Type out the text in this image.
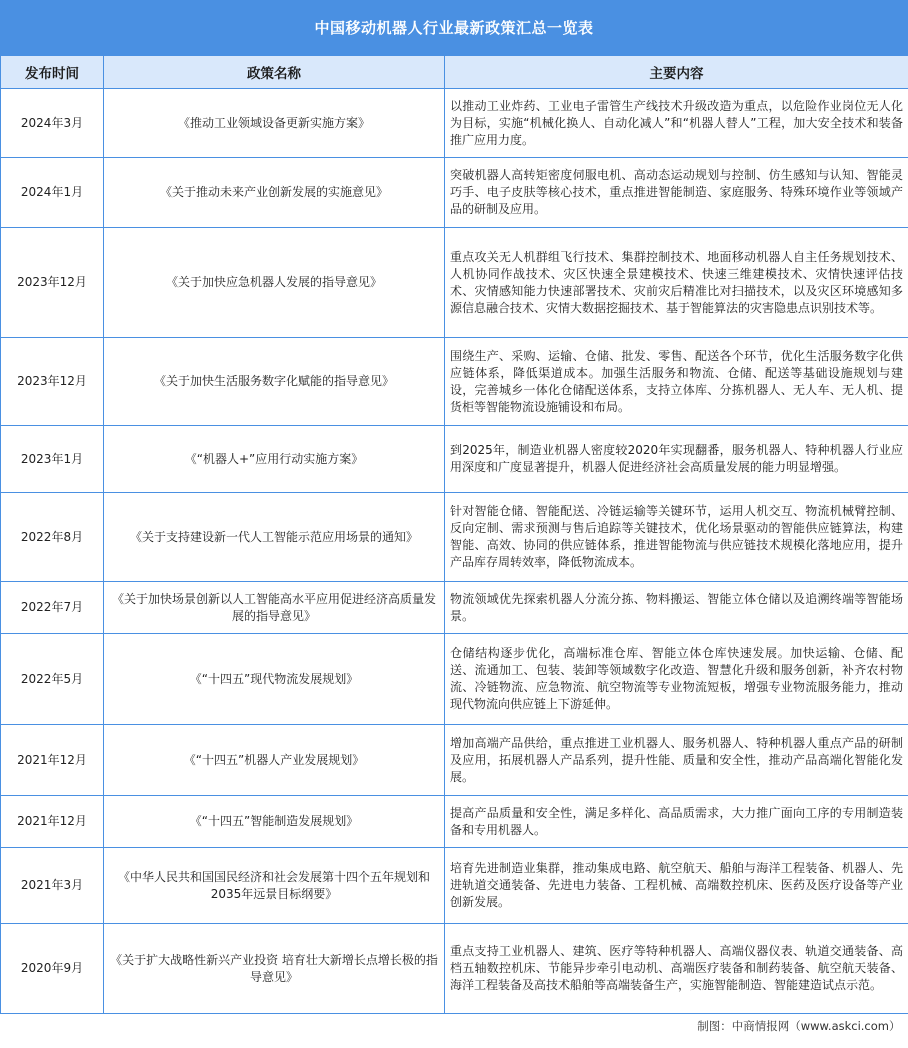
中国移动机器人行业最新政策汇总一览表
发布时间	政策名称	主要内容
2024年3月	《推动工业领域设备更新实施方案》	以推动工业炸药、工业电子雷管生产线技术升级改造为重点，以危险作业岗位无人化为目标，实施“机械化换人、自动化减人”和“机器人替人”工程，加大安全技术和装备推广应用力度。
2024年1月	《关于推动未来产业创新发展的实施意见》	突破机器人高转矩密度伺服电机、高动态运动规划与控制、仿生感知与认知、智能灵巧手、电子皮肤等核心技术，重点推进智能制造、家庭服务、特殊环境作业等领域产品的研制及应用。
2023年12月	《关于加快应急机器人发展的指导意见》	重点攻关无人机群组飞行技术、集群控制技术、地面移动机器人自主任务规划技术、人机协同作战技术、灾区快速全景建模技术、快速三维建模技术、灾情快速评估技术、灾情感知能力快速部署技术、灾前灾后精准比对扫描技术，以及灾区环境感知多源信息融合技术、灾情大数据挖掘技术、基于智能算法的灾害隐患点识别技术等。
2023年12月	《关于加快生活服务数字化赋能的指导意见》	围绕生产、采购、运输、仓储、批发、零售、配送各个环节，优化生活服务数字化供应链体系，降低渠道成本。加强生活服务和物流、仓储、配送等基础设施规划与建设，完善城乡一体化仓储配送体系，支持立体库、分拣机器人、无人车、无人机、提货柜等智能物流设施铺设和布局。
2023年1月	《“机器人+”应用行动实施方案》	到2025年，制造业机器人密度较2020年实现翻番，服务机器人、特种机器人行业应用深度和广度显著提升，机器人促进经济社会高质量发展的能力明显增强。
2022年8月	《关于支持建设新一代人工智能示范应用场景的通知》	针对智能仓储、智能配送、冷链运输等关键环节，运用人机交互、物流机械臂控制、反向定制、需求预测与售后追踪等关键技术，优化场景驱动的智能供应链算法，构建智能、高效、协同的供应链体系，推进智能物流与供应链技术规模化落地应用，提升产品库存周转效率，降低物流成本。
2022年7月	《关于加快场景创新以人工智能高水平应用促进经济高质量发展的指导意见》	物流领域优先探索机器人分流分拣、物料搬运、智能立体仓储以及追溯终端等智能场景。
2022年5月	《“十四五”现代物流发展规划》	仓储结构逐步优化，高端标准仓库、智能立体仓库快速发展。加快运输、仓储、配送、流通加工、包装、装卸等领域数字化改造、智慧化升级和服务创新，补齐农村物流、冷链物流、应急物流、航空物流等专业物流短板，增强专业物流服务能力，推动现代物流向供应链上下游延伸。
2021年12月	《“十四五”机器人产业发展规划》	增加高端产品供给，重点推进工业机器人、服务机器人、特种机器人重点产品的研制及应用，拓展机器人产品系列，提升性能、质量和安全性，推动产品高端化智能化发展。
2021年12月	《“十四五”智能制造发展规划》	提高产品质量和安全性，满足多样化、高品质需求，大力推广面向工序的专用制造装备和专用机器人。
2021年3月	《中华人民共和国国民经济和社会发展第十四个五年规划和2035年远景目标纲要》	培育先进制造业集群，推动集成电路、航空航天、船舶与海洋工程装备、机器人、先进轨道交通装备、先进电力装备、工程机械、高端数控机床、医药及医疗设备等产业创新发展。
2020年9月	《关于扩大战略性新兴产业投资 培育壮大新增长点增长极的指导意见》	重点支持工业机器人、建筑、医疗等特种机器人、高端仪器仪表、轨道交通装备、高档五轴数控机床、节能异步牵引电动机、高端医疗装备和制药装备、航空航天装备、海洋工程装备及高技术船舶等高端装备生产，实施智能制造、智能建造试点示范。
制图：中商情报网（www.askci.com）		
